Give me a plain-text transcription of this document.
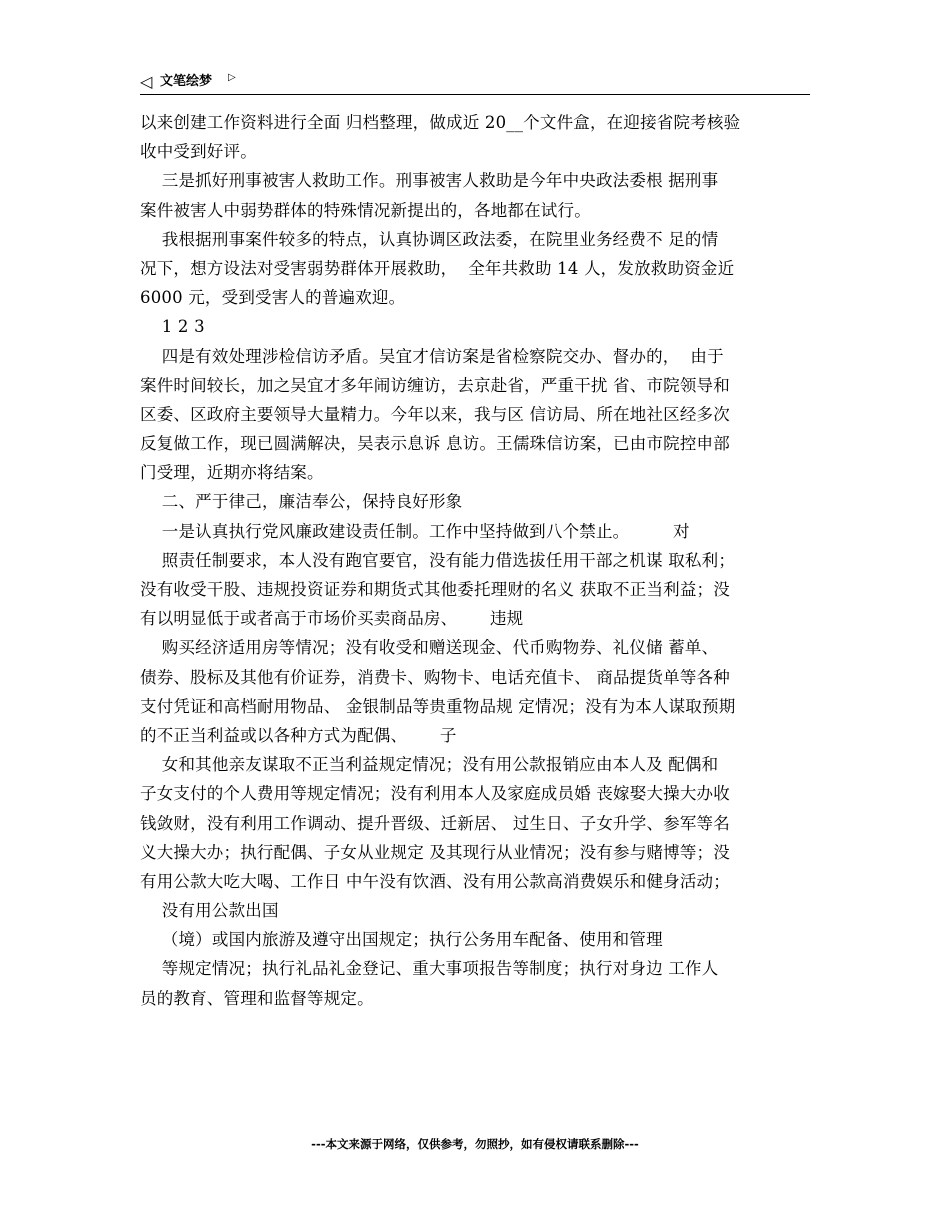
◁ 文笔绘梦 ▷
以来创建工作资料进行全面 归档整理，做成近 20__个文件盒，在迎接省院考核验
收中受到好评。
三是抓好刑事被害人救助工作。刑事被害人救助是今年中央政法委根 据刑事
案件被害人中弱势群体的特殊情况新提出的，各地都在试行。
我根据刑事案件较多的特点，认真协调区政法委，在院里业务经费不 足的情
况下，想方设法对受害弱势群体开展救助，  全年共救助 14 人，发放救助资金近
6000 元，受到受害人的普遍欢迎。
1 2 3
四是有效处理涉检信访矛盾。吴宜才信访案是省检察院交办、督办的，  由于
案件时间较长，加之吴宜才多年闹访缠访，去京赴省，严重干扰 省、市院领导和
区委、区政府主要领导大量精力。今年以来，我与区 信访局、所在地社区经多次
反复做工作，现已圆满解决，吴表示息诉 息访。王儒珠信访案，已由市院控申部
门受理，近期亦将结案。
二、严于律己，廉洁奉公，保持良好形象
一是认真执行党风廉政建设责任制。工作中坚持做到八个禁止。        对
照责任制要求，本人没有跑官要官，没有能力借选拔任用干部之机谋 取私利；
没有收受干股、违规投资证券和期货式其他委托理财的名义 获取不正当利益；没
有以明显低于或者高于市场价买卖商品房、      违规
购买经济适用房等情况；没有收受和赠送现金、代币购物券、礼仪储 蓄单、
债券、股标及其他有价证券，消费卡、购物卡、电话充值卡、 商品提货单等各种
支付凭证和高档耐用物品、 金银制品等贵重物品规 定情况；没有为本人谋取预期
的不正当利益或以各种方式为配偶、      子
女和其他亲友谋取不正当利益规定情况；没有用公款报销应由本人及 配偶和
子女支付的个人费用等规定情况；没有利用本人及家庭成员婚 丧嫁娶大操大办收
钱敛财，没有利用工作调动、提升晋级、迁新居、 过生日、子女升学、参军等名
义大操大办；执行配偶、子女从业规定 及其现行从业情况；没有参与赌博等；没
有用公款大吃大喝、工作日 中午没有饮酒、没有用公款高消费娱乐和健身活动；
没有用公款出国
（境）或国内旅游及遵守出国规定；执行公务用车配备、使用和管理
等规定情况；执行礼品礼金登记、重大事项报告等制度；执行对身边 工作人
员的教育、管理和监督等规定。
---本文来源于网络，仅供参考，勿照抄，如有侵权请联系删除---
